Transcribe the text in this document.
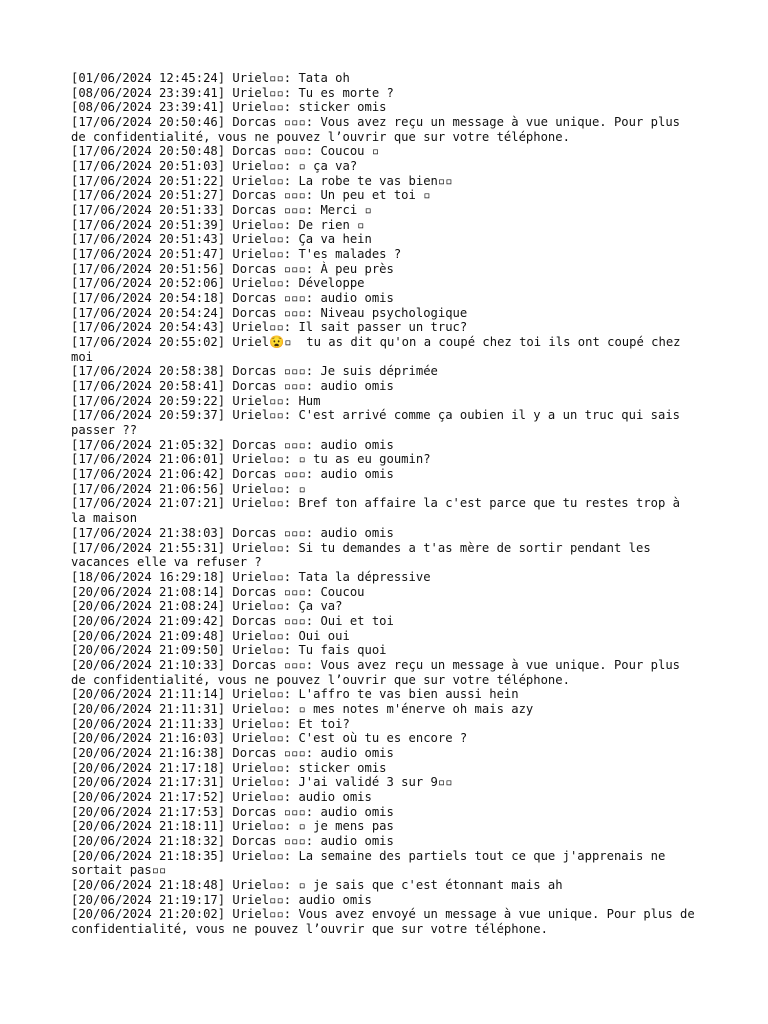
[01/06/2024 12:45:24] Uriel▫▫: Tata oh
[08/06/2024 23:39:41] Uriel▫▫: Tu es morte ?
[08/06/2024 23:39:41] Uriel▫▫: sticker omis
[17/06/2024 20:50:46] Dorcas ▫▫▫: Vous avez reçu un message à vue unique. Pour plus de confidentialité, vous ne pouvez l’ouvrir que sur votre téléphone.
[17/06/2024 20:50:48] Dorcas ▫▫▫: Coucou ▫
[17/06/2024 20:51:03] Uriel▫▫: ▫ ça va?
[17/06/2024 20:51:22] Uriel▫▫: La robe te vas bien▫▫
[17/06/2024 20:51:27] Dorcas ▫▫▫: Un peu et toi ▫
[17/06/2024 20:51:33] Dorcas ▫▫▫: Merci ▫
[17/06/2024 20:51:39] Uriel▫▫: De rien ▫
[17/06/2024 20:51:43] Uriel▫▫: Ça va hein
[17/06/2024 20:51:47] Uriel▫▫: T'es malades ?
[17/06/2024 20:51:56] Dorcas ▫▫▫: À peu près
[17/06/2024 20:52:06] Uriel▫▫: Développe
[17/06/2024 20:54:18] Dorcas ▫▫▫: audio omis
[17/06/2024 20:54:24] Dorcas ▫▫▫: Niveau psychologique
[17/06/2024 20:54:43] Uriel▫▫: Il sait passer un truc?
[17/06/2024 20:55:02] Uriel😧▫  tu as dit qu'on a coupé chez toi ils ont coupé chez moi
[17/06/2024 20:58:38] Dorcas ▫▫▫: Je suis déprimée
[17/06/2024 20:58:41] Dorcas ▫▫▫: audio omis
[17/06/2024 20:59:22] Uriel▫▫: Hum
[17/06/2024 20:59:37] Uriel▫▫: C'est arrivé comme ça oubien il y a un truc qui sais passer ??
[17/06/2024 21:05:32] Dorcas ▫▫▫: audio omis
[17/06/2024 21:06:01] Uriel▫▫: ▫ tu as eu goumin?
[17/06/2024 21:06:42] Dorcas ▫▫▫: audio omis
[17/06/2024 21:06:56] Uriel▫▫: ▫
[17/06/2024 21:07:21] Uriel▫▫: Bref ton affaire la c'est parce que tu restes trop à la maison
[17/06/2024 21:38:03] Dorcas ▫▫▫: audio omis
[17/06/2024 21:55:31] Uriel▫▫: Si tu demandes a t'as mère de sortir pendant les vacances elle va refuser ?
[18/06/2024 16:29:18] Uriel▫▫: Tata la dépressive
[20/06/2024 21:08:14] Dorcas ▫▫▫: Coucou
[20/06/2024 21:08:24] Uriel▫▫: Ça va?
[20/06/2024 21:09:42] Dorcas ▫▫▫: Oui et toi
[20/06/2024 21:09:48] Uriel▫▫: Oui oui
[20/06/2024 21:09:50] Uriel▫▫: Tu fais quoi
[20/06/2024 21:10:33] Dorcas ▫▫▫: Vous avez reçu un message à vue unique. Pour plus de confidentialité, vous ne pouvez l’ouvrir que sur votre téléphone.
[20/06/2024 21:11:14] Uriel▫▫: L'affro te vas bien aussi hein
[20/06/2024 21:11:31] Uriel▫▫: ▫ mes notes m'énerve oh mais azy
[20/06/2024 21:11:33] Uriel▫▫: Et toi?
[20/06/2024 21:16:03] Uriel▫▫: C'est où tu es encore ?
[20/06/2024 21:16:38] Dorcas ▫▫▫: audio omis
[20/06/2024 21:17:18] Uriel▫▫: sticker omis
[20/06/2024 21:17:31] Uriel▫▫: J'ai validé 3 sur 9▫▫
[20/06/2024 21:17:52] Uriel▫▫: audio omis
[20/06/2024 21:17:53] Dorcas ▫▫▫: audio omis
[20/06/2024 21:18:11] Uriel▫▫: ▫ je mens pas
[20/06/2024 21:18:32] Dorcas ▫▫▫: audio omis
[20/06/2024 21:18:35] Uriel▫▫: La semaine des partiels tout ce que j'apprenais ne sortait pas▫▫
[20/06/2024 21:18:48] Uriel▫▫: ▫ je sais que c'est étonnant mais ah
[20/06/2024 21:19:17] Uriel▫▫: audio omis
[20/06/2024 21:20:02] Uriel▫▫: Vous avez envoyé un message à vue unique. Pour plus de confidentialité, vous ne pouvez l’ouvrir que sur votre téléphone.
